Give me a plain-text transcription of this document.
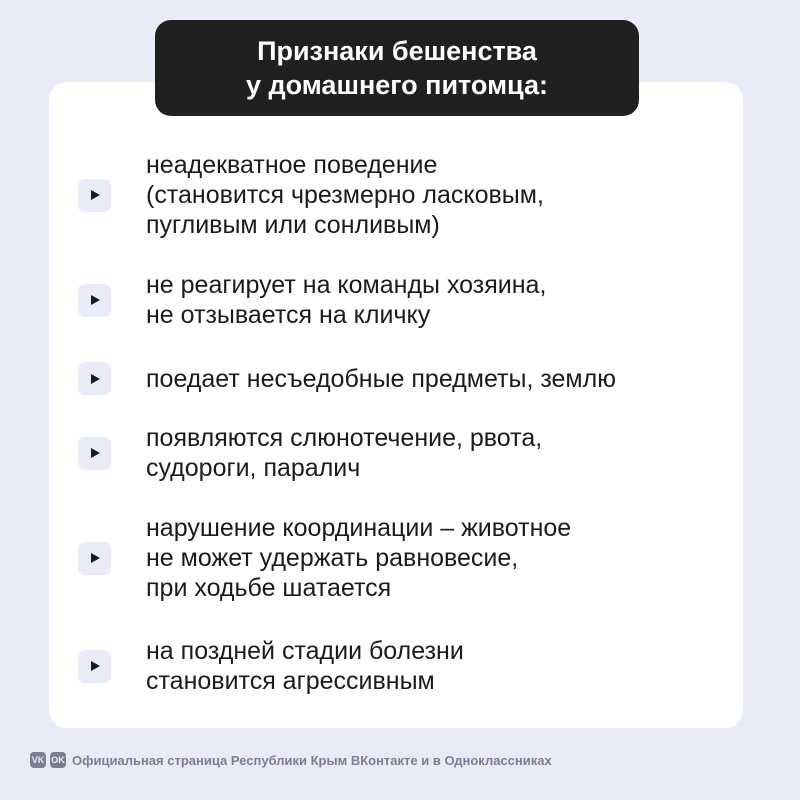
Признаки бешенства
у домашнего питомца:
неадекватное поведение
(становится чрезмерно ласковым,
пугливым или сонливым)
не реагирует на команды хозяина,
не отзывается на кличку
поедает несъедобные предметы, землю
появляются слюнотечение, рвота,
судороги, паралич
нарушение координации – животное
не может удержать равновесие,
при ходьбе шатается
на поздней стадии болезни
становится агрессивным
VK OK Официальная страница Республики Крым ВКонтакте и в Одноклассниках
